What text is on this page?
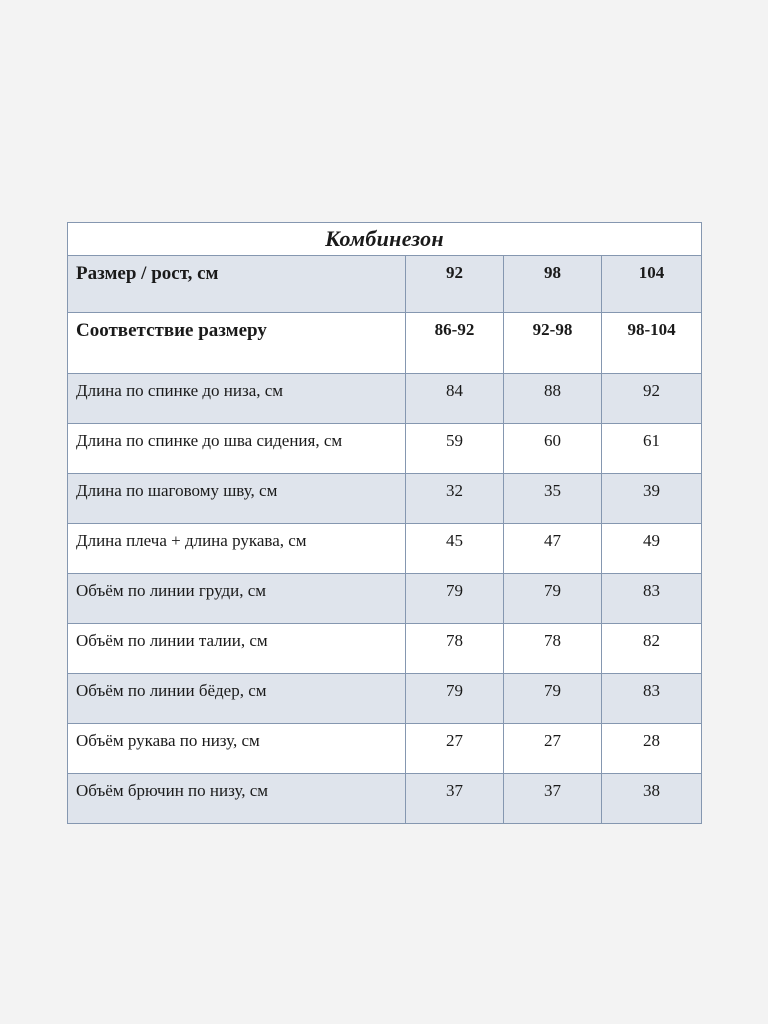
Комбинезон			
Размер / рост, см	92	98	104
Соответствие размеру	86-92	92-98	98-104
Длина по спинке до низа, см	84	88	92
Длина по спинке до шва сидения, см	59	60	61
Длина по шаговому шву, см	32	35	39
Длина плеча + длина рукава, см	45	47	49
Объём по линии груди, см	79	79	83
Объём по линии талии, см	78	78	82
Объём по линии бёдер, см	79	79	83
Объём рукава по низу, см	27	27	28
Объём брючин по низу, см	37	37	38
